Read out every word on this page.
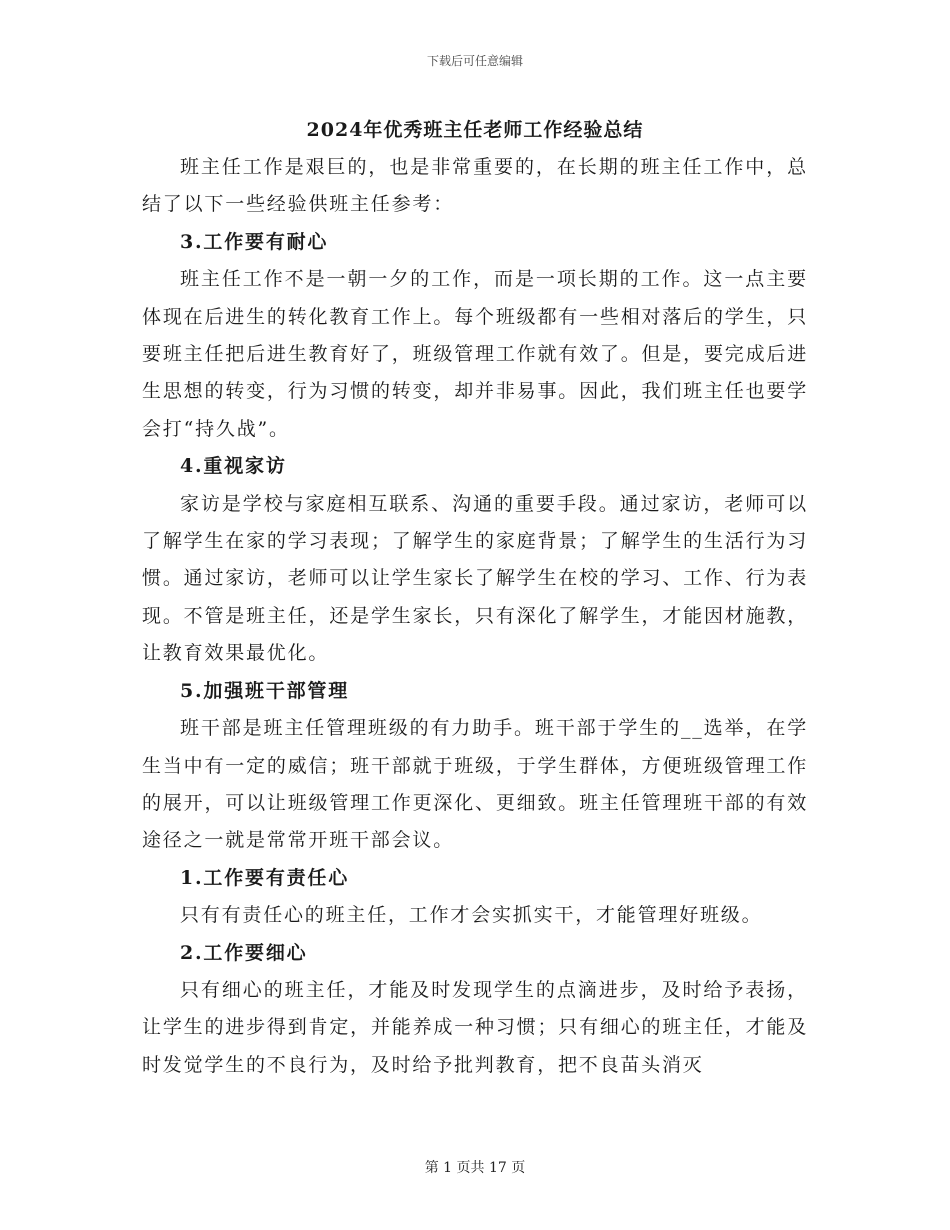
下载后可任意编辑

2024年优秀班主任老师工作经验总结

班主任工作是艰巨的，也是非常重要的，在长期的班主任工作中，总结了以下一些经验供班主任参考：

3.工作要有耐心

班主任工作不是一朝一夕的工作，而是一项长期的工作。这一点主要体现在后进生的转化教育工作上。每个班级都有一些相对落后的学生，只要班主任把后进生教育好了，班级管理工作就有效了。但是，要完成后进生思想的转变，行为习惯的转变，却并非易事。因此，我们班主任也要学会打“持久战”。

4.重视家访

家访是学校与家庭相互联系、沟通的重要手段。通过家访，老师可以了解学生在家的学习表现；了解学生的家庭背景；了解学生的生活行为习惯。通过家访，老师可以让学生家长了解学生在校的学习、工作、行为表现。不管是班主任，还是学生家长，只有深化了解学生，才能因材施教，让教育效果最优化。

5.加强班干部管理

班干部是班主任管理班级的有力助手。班干部于学生的__选举，在学生当中有一定的威信；班干部就于班级，于学生群体，方便班级管理工作的展开，可以让班级管理工作更深化、更细致。班主任管理班干部的有效途径之一就是常常开班干部会议。

1.工作要有责任心

只有有责任心的班主任，工作才会实抓实干，才能管理好班级。

2.工作要细心

只有细心的班主任，才能及时发现学生的点滴进步，及时给予表扬，让学生的进步得到肯定，并能养成一种习惯；只有细心的班主任，才能及时发觉学生的不良行为，及时给予批判教育，把不良苗头消灭

第 1 页共 17 页
